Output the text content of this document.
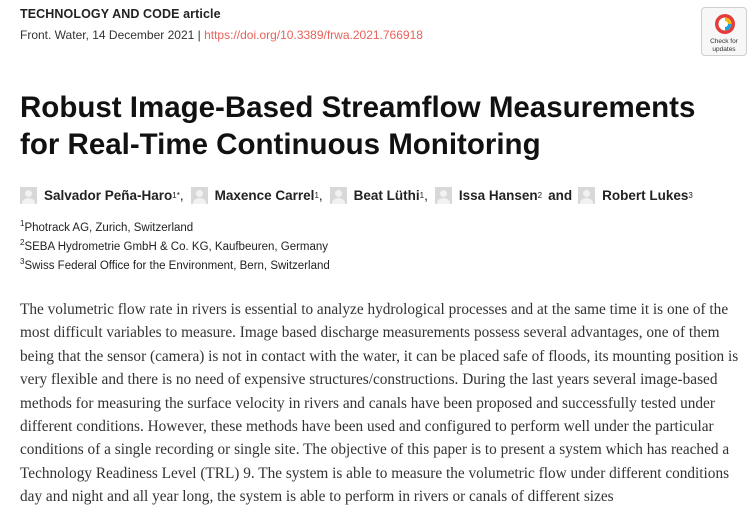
TECHNOLOGY AND CODE article
Front. Water, 14 December 2021 | https://doi.org/10.3389/frwa.2021.766918	Check for
updates
Robust Image-Based Streamflow Measurements for Real-Time Continuous Monitoring
Salvador Peña-Haro 1* , Maxence Carrel 1 , Beat Lüthi 1 , Issa Hansen 2 and Robert Lukes 3
$^1$Photrack AG, Zurich, Switzerland
$^2$SEBA Hydrometrie GmbH & Co. KG, Kaufbeuren, Germany
$^3$Swiss Federal Office for the Environment, Bern, Switzerland

The volumetric flow rate in rivers is essential to analyze hydrological processes and at the same time it is one of the most difficult variables to measure. Image based discharge measurements possess several advantages, one of them being that the sensor (camera) is not in contact with the water, it can be placed safe of floods, its mounting position is very flexible and there is no need of expensive structures/constructions. During the last years several image-based methods for measuring the surface velocity in rivers and canals have been proposed and successfully tested under different conditions. However, these methods have been used and configured to perform well under the particular conditions of a single recording or single site. The objective of this paper is to present a system which has reached a Technology Readiness Level (TRL) 9. The system is able to measure the volumetric flow under different conditions day and night and all year long, the system is able to perform in rivers or canals of different sizes
